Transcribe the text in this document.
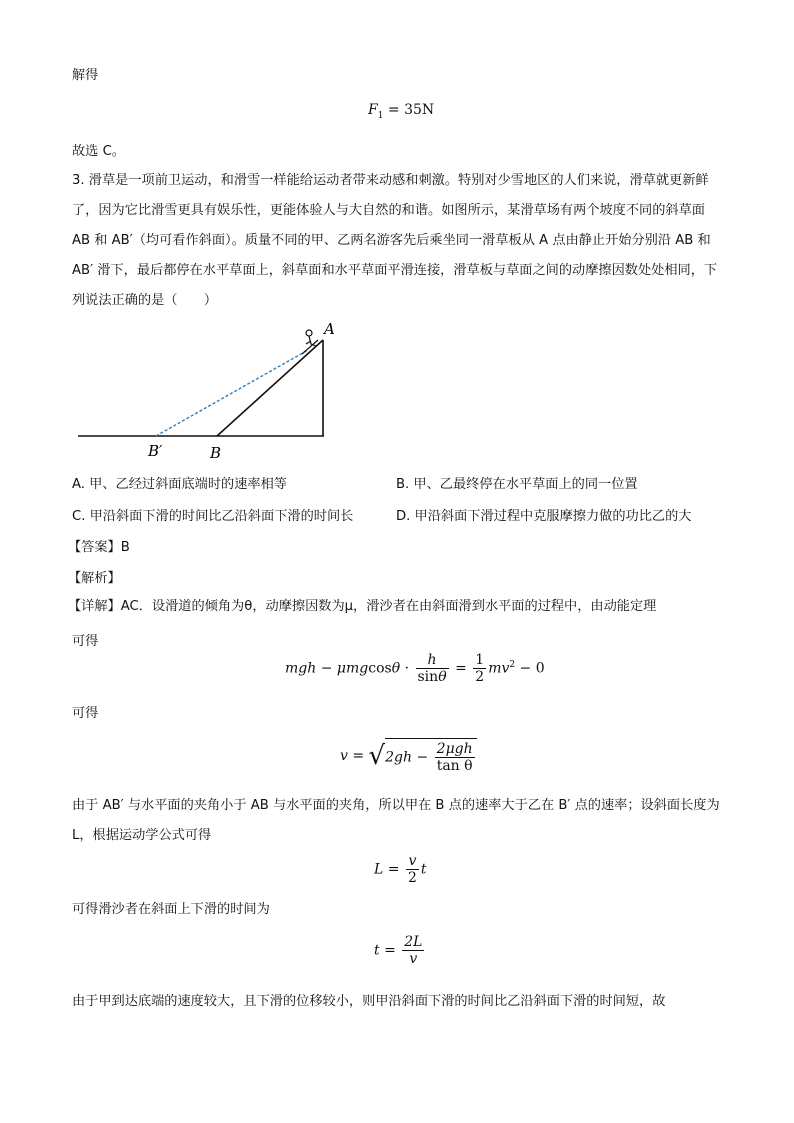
解得
$F_1 = 35N$
故选 C。
3. 滑草是一项前卫运动，和滑雪一样能给运动者带来动感和刺激。特别对少雪地区的人们来说，滑草就更新鲜了，因为它比滑雪更具有娱乐性，更能体验人与大自然的和谐。如图所示，某滑草场有两个坡度不同的斜草面 AB 和 AB′（均可看作斜面）。质量不同的甲、乙两名游客先后乘坐同一滑草板从 A 点由静止开始分别沿 AB 和 AB′ 滑下，最后都停在水平草面上，斜草面和水平草面平滑连接，滑草板与草面之间的动摩擦因数处处相同，下列说法正确的是（　　）
A
B′	B
A. 甲、乙经过斜面底端时的速率相等	B. 甲、乙最终停在水平草面上的同一位置
C. 甲沿斜面下滑的时间比乙沿斜面下滑的时间长	D. 甲沿斜面下滑过程中克服摩擦力做的功比乙的大
【答案】B
【解析】
【详解】AC．设滑道的倾角为θ，动摩擦因数为μ，滑沙者在由斜面滑到水平面的过程中，由动能定理
可得
mgh − $\mu mgcos\theta \cdot \frac{h}{\sin\theta} = \frac{1}{2} mv^2 - 0$
可得
v = √2gh −
2μgh
tan θ
由于 AB′ 与水平面的夹角小于 AB 与水平面的夹角，所以甲在 B 点的速率大于乙在 B′ 点的速率；设斜面长度为 L，根据运动学公式可得
$L = \frac{v}{2}$ t
可得滑沙者在斜面上下滑的时间为
$t = \frac{2L}{v}$
由于甲到达底端的速度较大，且下滑的位移较小，则甲沿斜面下滑的时间比乙沿斜面下滑的时间短，故
